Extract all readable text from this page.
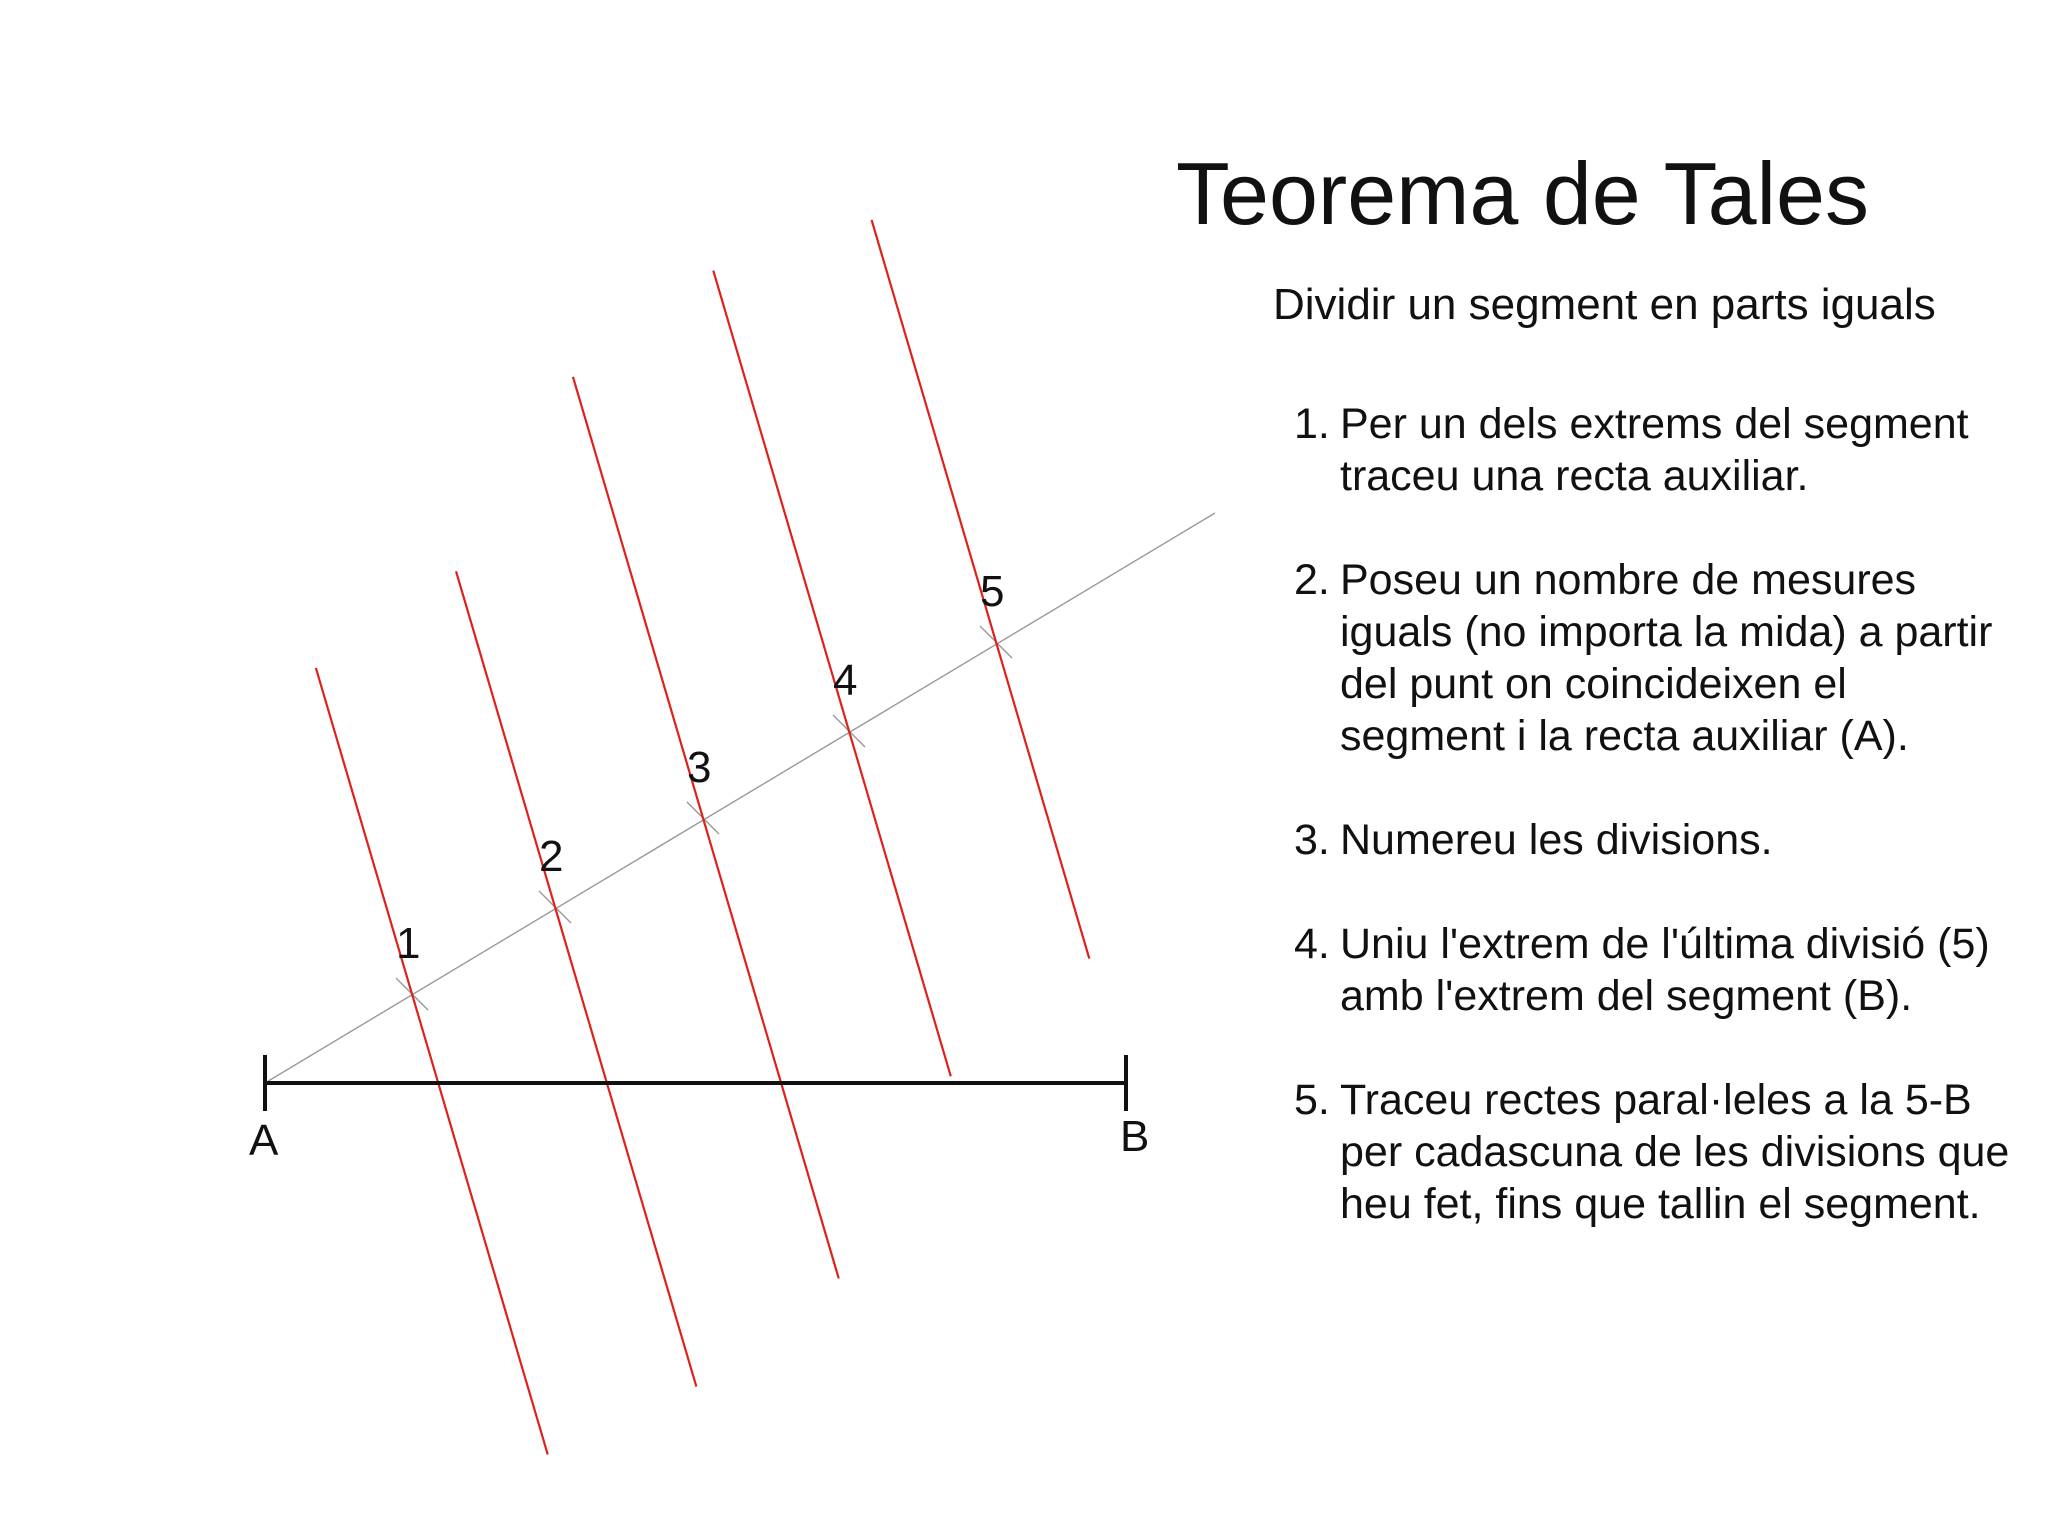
Teorema de Tales
Dividir un segment en parts iguals
1. Per un dels extrems del segment traceu una recta auxiliar.
2. Poseu un nombre de mesures iguals (no importa la mida) a partir del punt on coincideixen el segment i la recta auxiliar (A).
3. Numereu les divisions.
4. Uniu l'extrem de l'última divisió (5) amb l'extrem del segment (B).
5. Traceu rectes paral·leles a la 5-B per cadascuna de les divisions que heu fet, fins que tallin el segment.
1
2
3
4
5
A	B
